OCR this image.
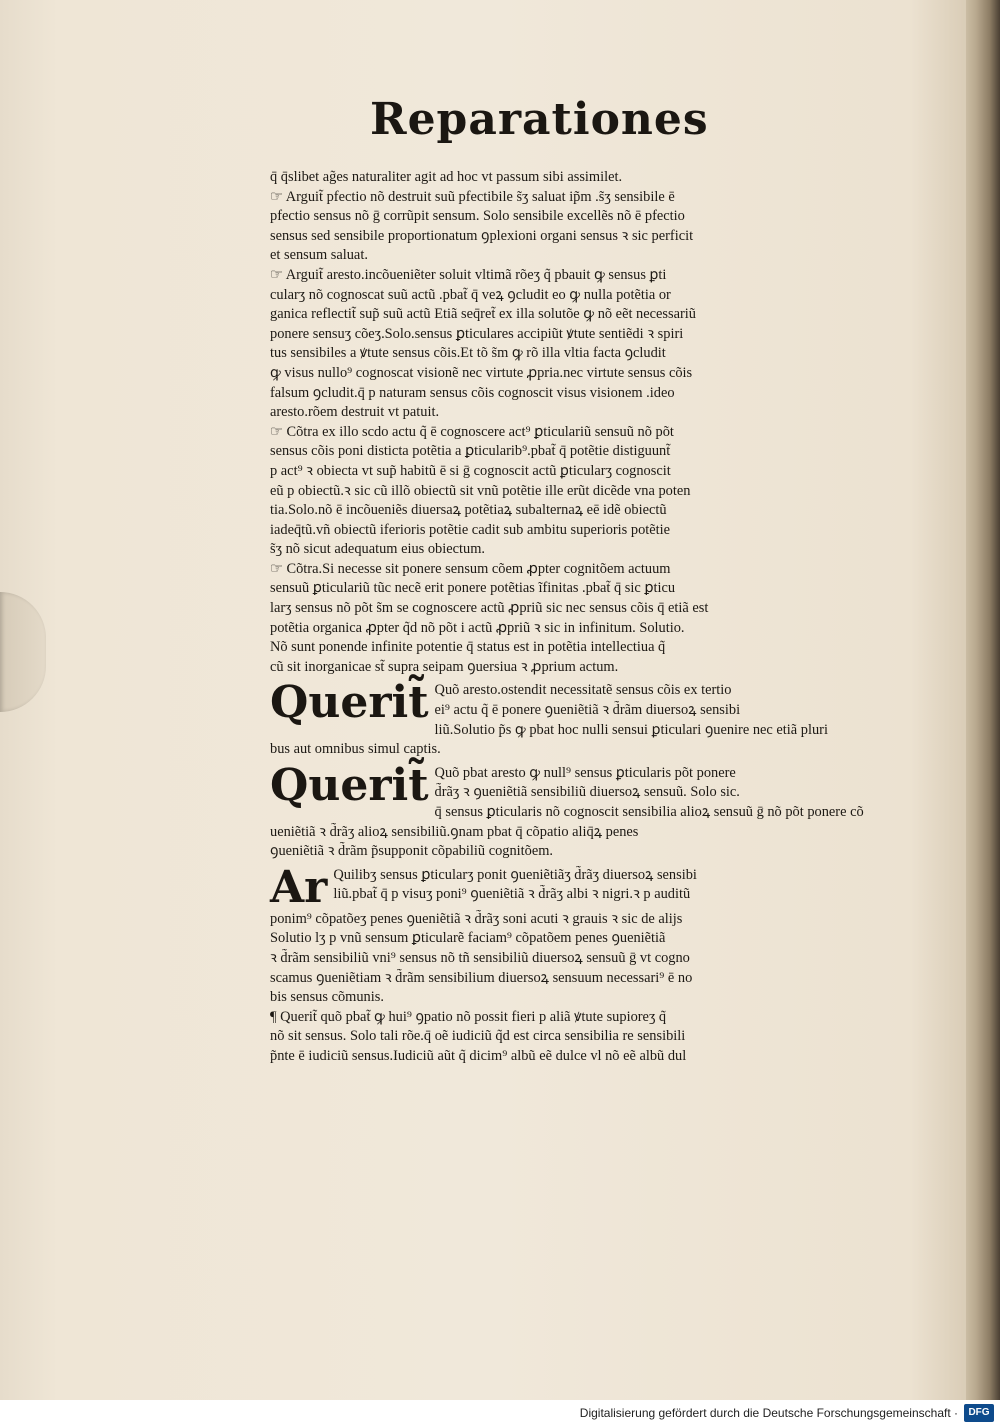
Reparationes
q̄ q̄slibet ag̃es naturaliter agit ad hoc vt passum sibi assimilet.
☞ Arguit̃ pfectio nõ destruit suũ pfectibile s̃ʒ saluat ip̃m .s̃ʒ sensibile ē
pfectio sensus nõ ḡ corrũpit sensum. Solo sensibile excellẽs nõ ē pfectio
sensus sed sensibile proportionatum ꝯplexioni organi sensus ꝛ sic perficit
et sensum saluat.
☞ Arguit̃ aresto.incõueniẽter soluit vltimã rõeʒ q̃ pbauit ꝙ sensus ꝑti
cularʒ nõ cognoscat suũ actũ .pbat̃ q̄ veꝝ ꝯcludit eo ꝙ nulla potẽtia or
ganica reflectit̃ sup̃ suũ actũ Etiã seq̄ret̃ ex illa solutõe ꝙ nõ eẽt necessariũ
ponere sensuʒ cõeʒ.Solo.sensus ꝑticulares accipiũt ꝟtute sentiẽdi ꝛ spiri
tus sensibiles a ꝟtute sensus cõis.Et tõ s̃m ꝙ rõ illa vltia facta ꝯcludit
ꝙ visus nullo⁹ cognoscat visionẽ nec virtute ꝓpria.nec virtute sensus cõis
falsum ꝯcludit.q̄ p naturam sensus cõis cognoscit visus visionem .ideo
aresto.rõem destruit vt patuit.
☞ Cõtra ex illo scdo actu q̃ ē cognoscere act⁹ ꝑticulariũ sensuũ nõ põt
sensus cõis poni disticta potẽtia a ꝑticularib⁹.pbat̃ q̄ potẽtie distiguunt̃
p act⁹ ꝛ obiecta vt sup̃ habitũ ē si ḡ cognoscit actũ ꝑticularʒ cognoscit
eũ p obiectũ.ꝛ sic cũ illõ obiectũ sit vnũ potẽtie ille erũt dicẽde vna poten
tia.Solo.nõ ē incõueniẽs diuersaꝝ potẽtiaꝝ subalternaꝝ eē idẽ obiectũ
iadeq̄tũ.vñ obiectũ iferioris potẽtie cadit sub ambitu superioris potẽtie
s̃ʒ nõ sicut adequatum eius obiectum.
☞ Cõtra.Si necesse sit ponere sensum cõem ꝓpter cognitõem actuum
sensuũ ꝑticulariũ tũc necẽ erit ponere potẽtias ĩfinitas .pbat̃ q̄ sic ꝑticu
larʒ sensus nõ põt s̃m se cognoscere actũ ꝓpriũ sic nec sensus cõis q̄ etiã est
potẽtia organica ꝓpter q̃d nõ põt i actũ ꝓpriũ ꝛ sic in infinitum. Solutio.
Nõ sunt ponende infinite potentie q̄ status est in potẽtia intellectiua q̃
cũ sit inorganicae st̃ supra seipam ꝯuersiua ꝛ ꝓprium actum.
Querit̃ Quõ aresto.ostendit necessitatẽ sensus cõis ex tertio
ei⁹ actu q̃ ē ponere ꝯueniẽtiã ꝛ d̃rãm diuersoꝝ sensibi
liũ.Solutio p̃s ꝙ pbat hoc nulli sensui ꝑticulari ꝯuenire nec etiã pluri
bus aut omnibus simul captis.
Querit̃ Quõ pbat aresto ꝙ null⁹ sensus ꝑticularis põt ponere
d̃rãʒ ꝛ ꝯueniẽtiã sensibiliũ diuersoꝝ sensuũ. Solo sic.
q̄ sensus ꝑticularis nõ cognoscit sensibilia alioꝝ sensuũ ḡ nõ põt ponere cõ
ueniẽtiã ꝛ d̃rãʒ alioꝝ sensibiliũ.ꝯnam pbat q̄ cõpatio aliq̄ꝝ penes
ꝯueniẽtiã ꝛ d̃rãm p̃supponit cõpabiliũ cognitõem.
Ar Quilibʒ sensus ꝑticularʒ ponit ꝯueniẽtiãʒ d̃rãʒ diuersoꝝ sensibi
liũ.pbat̃ q̄ p visuʒ poni⁹ ꝯueniẽtiã ꝛ d̃rãʒ albi ꝛ nigri.ꝛ p auditũ
ponim⁹ cõpatõeʒ penes ꝯueniẽtiã ꝛ d̃rãʒ soni acuti ꝛ grauis ꝛ sic de alijs
Solutio lʒ p vnũ sensum ꝑticularẽ faciam⁹ cõpatõem penes ꝯueniẽtiã
ꝛ d̃rãm sensibiliũ vni⁹ sensus nõ tñ sensibiliũ diuersoꝝ sensuũ ḡ vt cogno
scamus ꝯueniẽtiam ꝛ d̃rãm sensibilium diuersoꝝ sensuum necessari⁹ ē no
bis sensus cõmunis.
¶ Querit̃ quõ pbat̃ ꝙ hui⁹ ꝯpatio nõ possit fieri p aliã ꝟtute supioreʒ q̃
nõ sit sensus. Solo tali rõe.q̄ oẽ iudiciũ q̃d est circa sensibilia re sensibili
p̃nte ē iudiciũ sensus.Iudiciũ aũt q̃ dicim⁹ albũ eẽ dulce vl nõ eẽ albũ dul
Digitalisierung gefördert durch die Deutsche Forschungsgemeinschaft ·	DFG
